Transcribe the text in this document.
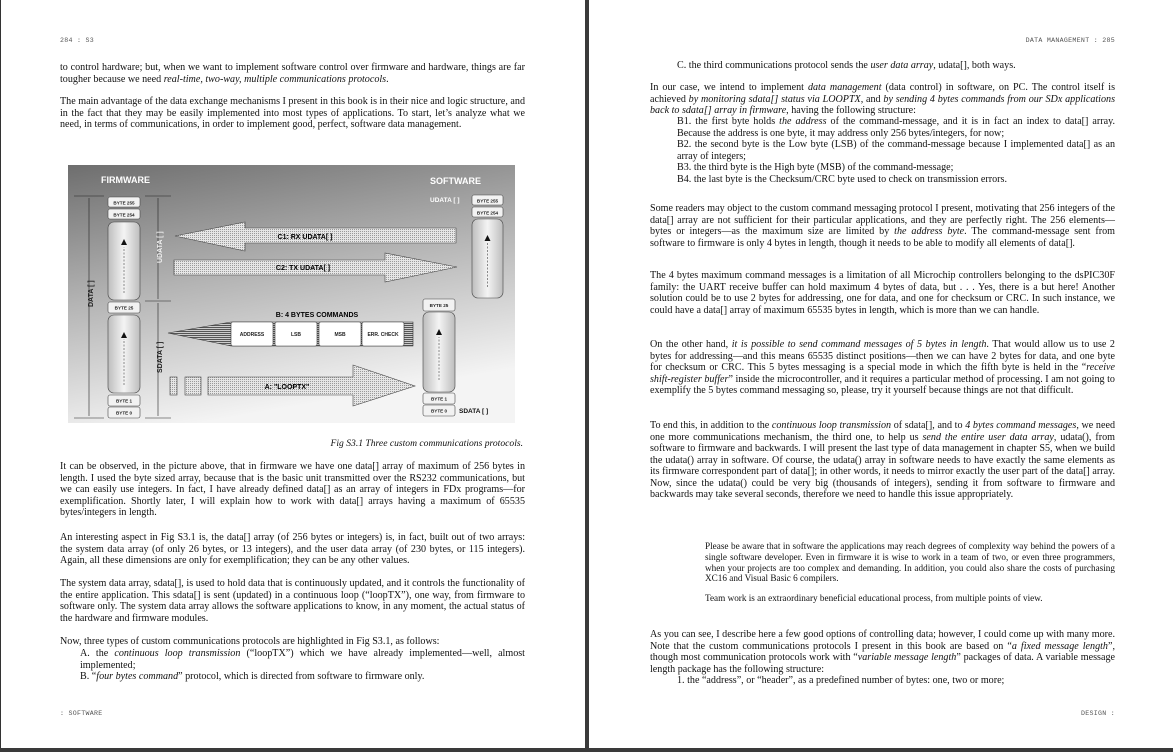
284 : S3

to control hardware; but, when we want to implement software control over firmware and hardware, things are far tougher because we need real-time, two-way, multiple communications protocols.

The main advantage of the data exchange mechanisms I present in this book is in their nice and logic structure, and in the fact that they may be easily implemented into most types of applications. To start, let’s analyze what we need, in terms of communications, in order to implement good, perfect, software data management.

FIRMWARE	SOFTWARE
DATA [ ]
UDATA [ ]
SDATA [ ]
BYTE 255
BYTE 254
BYTE 25
BYTE 1
BYTE 0
C1: RX UDATA[ ]
C2: TX UDATA[ ]
UDATA [ ]	BYTE 255
BYTE 254
BYTE 25
BYTE 1
BYTE 0 SDATA [ ]
B: 4 BYTES COMMANDS
ADDRESS	LSB	MSB	ERR. CHECK
A: "LOOPTX"
Fig S3.1 Three custom communications protocols.

It can be observed, in the picture above, that in firmware we have one data[] array of maximum of 256 bytes in length. I used the byte sized array, because that is the basic unit transmitted over the RS232 communications, but we can easily use integers. In fact, I have already defined data[] as an array of integers in FDx programs—for exemplification. Shortly later, I will explain how to work with data[] arrays having a maximum of 65535 bytes/integers in length.

An interesting aspect in Fig S3.1 is, the data[] array (of 256 bytes or integers) is, in fact, built out of two arrays: the system data array (of only 26 bytes, or 13 integers), and the user data array (of 230 bytes, or 115 integers). Again, all these dimensions are only for exemplification; they can be any other values.

The system data array, sdata[], is used to hold data that is continuously updated, and it controls the functionality of the entire application. This sdata[] is sent (updated) in a continuous loop (“loopTX”), one way, from firmware to software only. The system data array allows the software applications to know, in any moment, the actual status of the hardware and firmware modules.

Now, three types of custom communications protocols are highlighted in Fig S3.1, as follows:

A. the continuous loop transmission (“loopTX”) which we have already implemented—well, almost implemented;

B. “four bytes command” protocol, which is directed from software to firmware only.

: SOFTWARE
DATA MANAGEMENT : 285

C. the third communications protocol sends the user data array, udata[], both ways.

In our case, we intend to implement data management (data control) in software, on PC. The control itself is achieved by monitoring sdata[] status via LOOPTX, and by sending 4 bytes commands from our SDx applications back to sdata[] array in firmware, having the following structure:

B1. the first byte holds the address of the command-message, and it is in fact an index to data[] array. Because the address is one byte, it may address only 256 bytes/integers, for now;

B2. the second byte is the Low byte (LSB) of the command-message because I implemented data[] as an array of integers;

B3. the third byte is the High byte (MSB) of the command-message;

B4. the last byte is the Checksum/CRC byte used to check on transmission errors.

Some readers may object to the custom command messaging protocol I present, motivating that 256 integers of the data[] array are not sufficient for their particular applications, and they are perfectly right. The 256 elements—bytes or integers—as the maximum size are limited by the address byte. The command-message sent from software to firmware is only 4 bytes in length, though it needs to be able to modify all elements of data[].

The 4 bytes maximum command messages is a limitation of all Microchip controllers belonging to the dsPIC30F family: the UART receive buffer can hold maximum 4 bytes of data, but . . . Yes, there is a but here! Another solution could be to use 2 bytes for addressing, one for data, and one for checksum or CRC. In such instance, we could have a data[] array of maximum 65535 bytes in length, which is more than we can handle.

On the other hand, it is possible to send command messages of 5 bytes in length. That would allow us to use 2 bytes for addressing—and this means 65535 distinct positions—then we can have 2 bytes for data, and one byte for checksum or CRC. This 5 bytes messaging is a special mode in which the fifth byte is held in the “receive shift-register buffer” inside the microcontroller, and it requires a particular method of processing. I am not going to exemplify the 5 bytes command messaging so, please, try it yourself because things are not that difficult.

To end this, in addition to the continuous loop transmission of sdata[], and to 4 bytes command messages, we need one more communications mechanism, the third one, to help us send the entire user data array, udata(), from software to firmware and backwards. I will present the last type of data management in chapter S5, when we build the udata() array in software. Of course, the udata() array in software needs to have exactly the same elements as its firmware correspondent part of data[]; in other words, it needs to mirror exactly the user part of the data[] array. Now, since the udata() could be very big (thousands of integers), sending it from software to firmware and backwards may take several seconds, therefore we need to handle this issue appropriately.

Please be aware that in software the applications may reach degrees of complexity way behind the powers of a single software developer. Even in firmware it is wise to work in a team of two, or even three programmers, when your projects are too complex and demanding. In addition, you could also share the costs of purchasing XC16 and Visual Basic 6 compilers.

Team work is an extraordinary beneficial educational process, from multiple points of view.

As you can see, I describe here a few good options of controlling data; however, I could come up with many more. Note that the custom communications protocols I present in this book are based on “a fixed message length”, though most communication protocols work with “variable message length” packages of data. A variable message length package has the following structure:

1. the “address”, or “header”, as a predefined number of bytes: one, two or more;

DESIGN :
